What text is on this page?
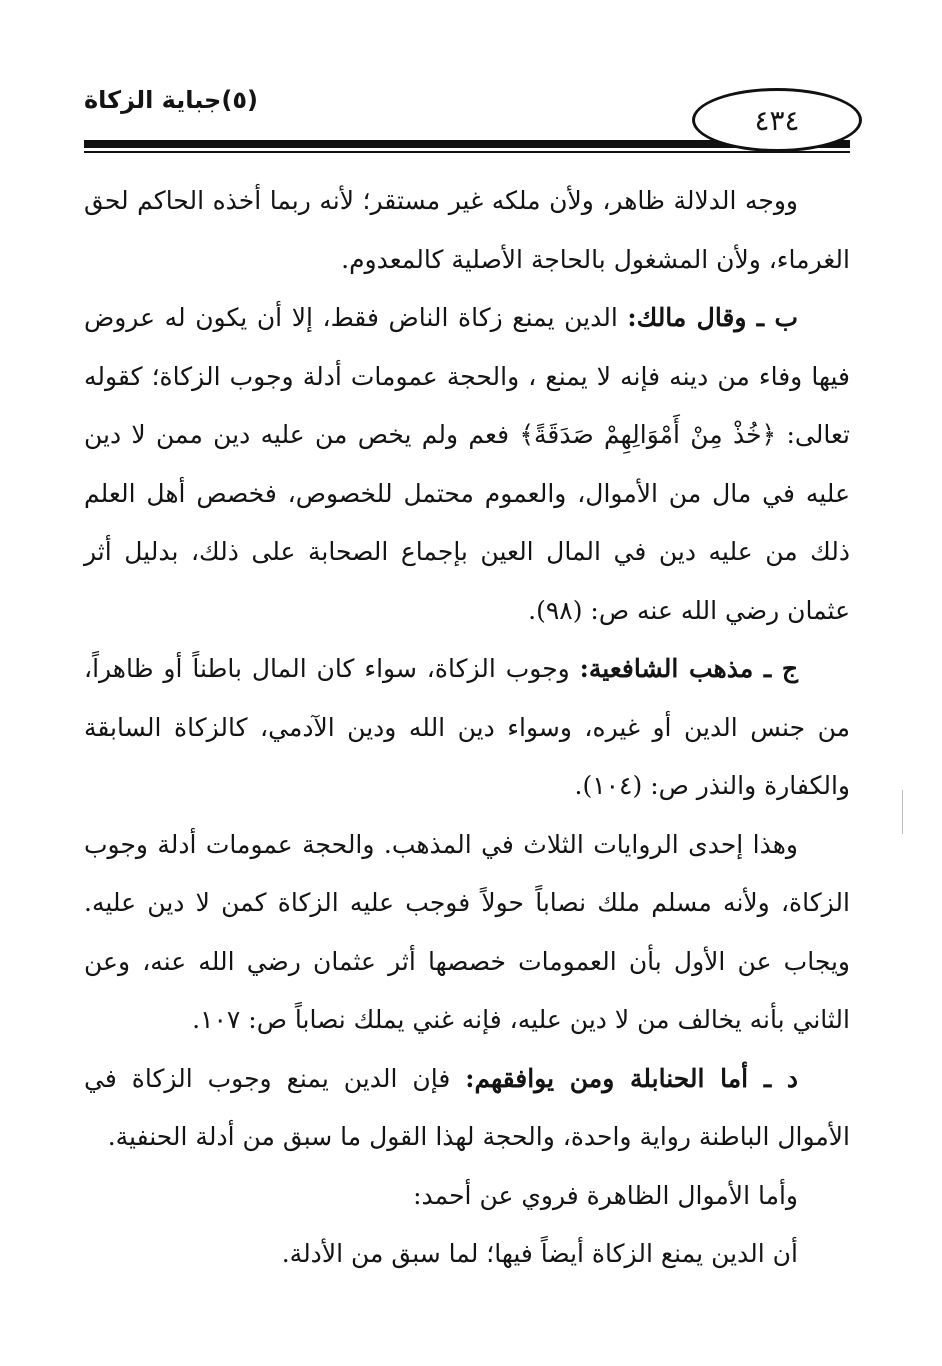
٤٣٤
(٥)جباية الزكاة

ووجه الدلالة ظاهر، ولأن ملكه غير مستقر؛ لأنه ربما أخذه الحاكم لحق الغرماء، ولأن المشغول بالحاجة الأصلية كالمعدوم.

ب ـ وقال مالك: الدين يمنع زكاة الناض فقط، إلا أن يكون له عروض فيها وفاء من دينه فإنه لا يمنع ، والحجة عمومات أدلة وجوب الزكاة؛ كقوله تعالى: ﴿خُذْ مِنْ أَمْوَالِهِمْ صَدَقَةً﴾ فعم ولم يخص من عليه دين ممن لا دين عليه في مال من الأموال، والعموم محتمل للخصوص، فخصص أهل العلم ذلك من عليه دين في المال العين بإجماع الصحابة على ذلك، بدليل أثر عثمان رضي الله عنه ص: (٩٨).

ج ـ مذهب الشافعية: وجوب الزكاة، سواء كان المال باطناً أو ظاهراً، من جنس الدين أو غيره، وسواء دين الله ودين الآدمي، كالزكاة السابقة والكفارة والنذر ص: (١٠٤).

وهذا إحدى الروايات الثلاث في المذهب. والحجة عمومات أدلة وجوب الزكاة، ولأنه مسلم ملك نصاباً حولاً فوجب عليه الزكاة كمن لا دين عليه. ويجاب عن الأول بأن العمومات خصصها أثر عثمان رضي الله عنه، وعن الثاني بأنه يخالف من لا دين عليه، فإنه غني يملك نصاباً ص: ١٠٧.

د ـ أما الحنابلة ومن يوافقهم: فإن الدين يمنع وجوب الزكاة في الأموال الباطنة رواية واحدة، والحجة لهذا القول ما سبق من أدلة الحنفية.

وأما الأموال الظاهرة فروي عن أحمد:

أن الدين يمنع الزكاة أيضاً فيها؛ لما سبق من الأدلة.
